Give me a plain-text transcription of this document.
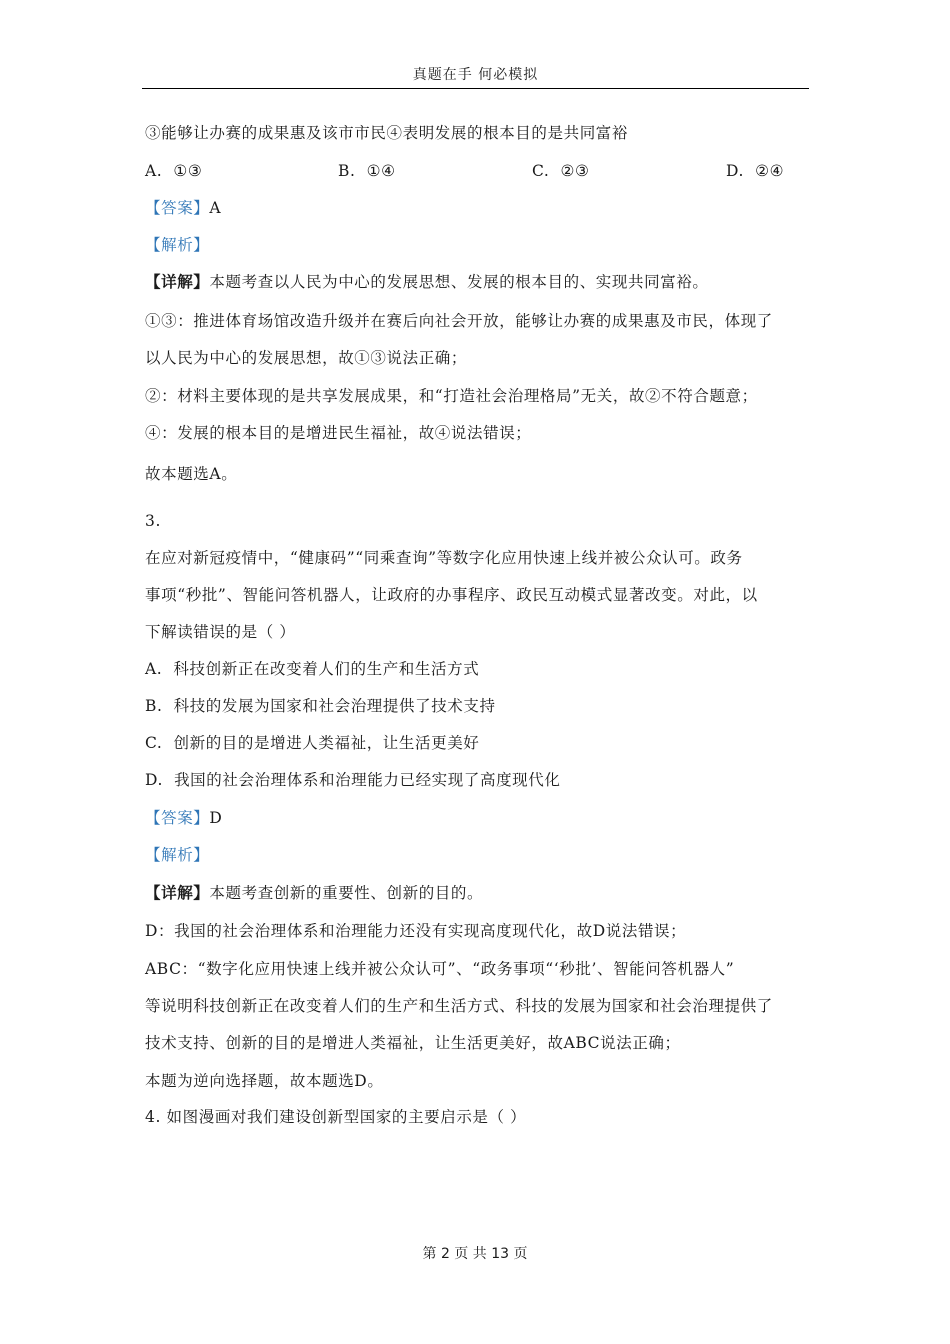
真题在手 何必模拟
③能够让办赛的成果惠及该市市民④表明发展的根本目的是共同富裕
A. ①③	B. ①④	C. ②③	D. ②④
【答案】A
【解析】
【详解】本题考查以人民为中心的发展思想、发展的根本目的、实现共同富裕。
①③：推进体育场馆改造升级并在赛后向社会开放，能够让办赛的成果惠及市民，体现了
以人民为中心的发展思想，故①③说法正确；
②：材料主要体现的是共享发展成果，和“打造社会治理格局”无关，故②不符合题意；
④：发展的根本目的是增进民生福祉，故④说法错误；
故本题选A。
3.
在应对新冠疫情中，“健康码”“同乘查询”等数字化应用快速上线并被公众认可。政务
事项“秒批”、智能问答机器人，让政府的办事程序、政民互动模式显著改变。对此，以
下解读错误的是（ ）
A. 科技创新正在改变着人们的生产和生活方式
B. 科技的发展为国家和社会治理提供了技术支持
C. 创新的目的是增进人类福祉，让生活更美好
D. 我国的社会治理体系和治理能力已经实现了高度现代化
【答案】D
【解析】
【详解】本题考查创新的重要性、创新的目的。
D：我国的社会治理体系和治理能力还没有实现高度现代化，故D说法错误；
ABC：“数字化应用快速上线并被公众认可”、“政务事项“‘秒批’、智能问答机器人”
等说明科技创新正在改变着人们的生产和生活方式、科技的发展为国家和社会治理提供了
技术支持、创新的目的是增进人类福祉，让生活更美好，故ABC说法正确；
本题为逆向选择题，故本题选D。
4. 如图漫画对我们建设创新型国家的主要启示是（ ）
第 2 页 共 13 页
